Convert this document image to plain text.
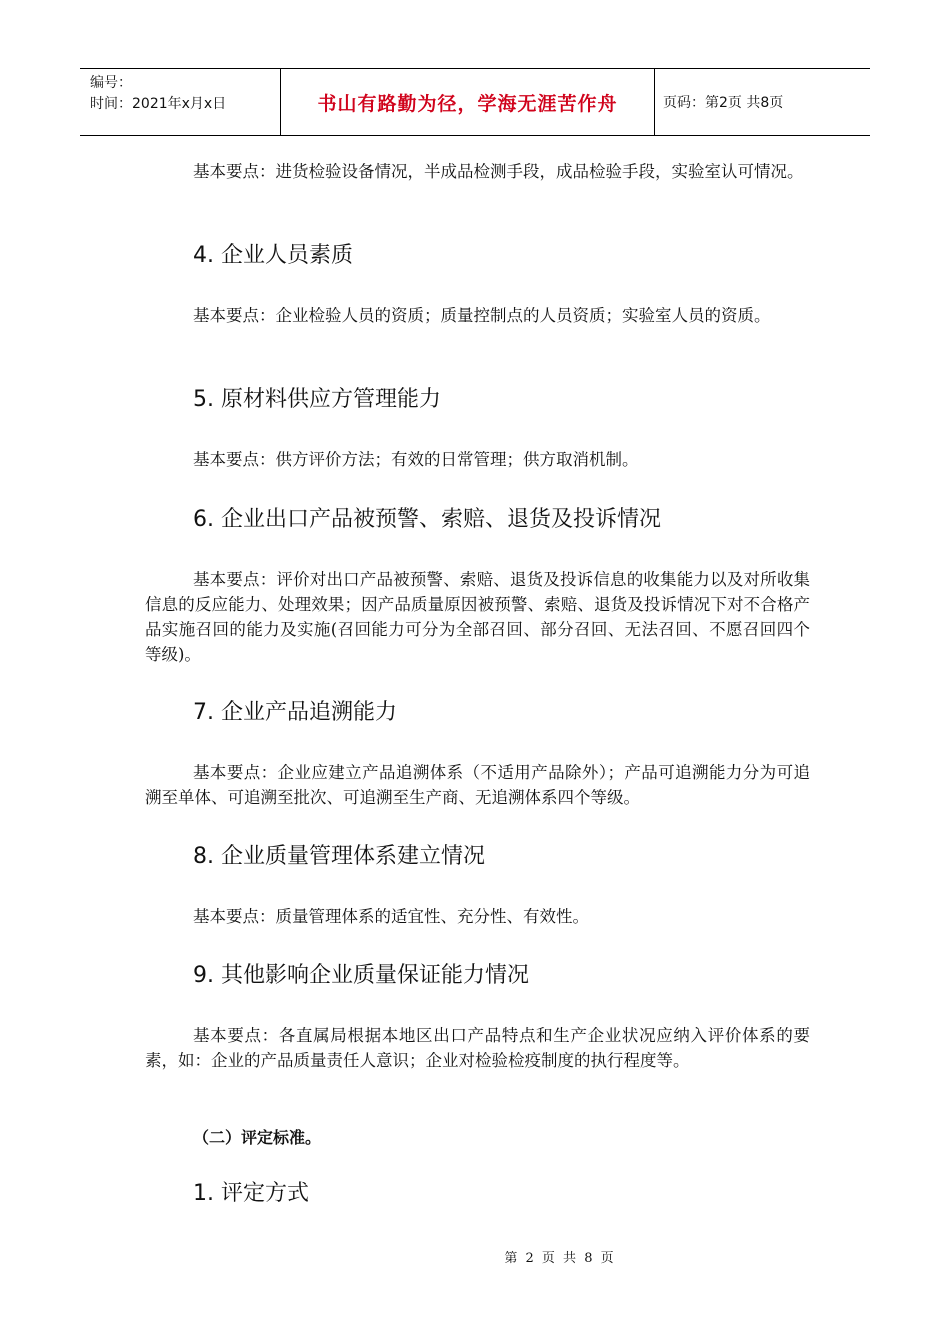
编号：
时间：2021年x月x日	书山有路勤为径，学海无涯苦作舟	页码：第2页 共8页

基本要点：进货检验设备情况，半成品检测手段，成品检验手段，实验室认可情况。

4. 企业人员素质

基本要点：企业检验人员的资质；质量控制点的人员资质；实验室人员的资质。

5. 原材料供应方管理能力

基本要点：供方评价方法；有效的日常管理；供方取消机制。

6. 企业出口产品被预警、索赔、退货及投诉情况

基本要点：评价对出口产品被预警、索赔、退货及投诉信息的收集能力以及对所收集信息的反应能力、处理效果；因产品质量原因被预警、索赔、退货及投诉情况下对不合格产品实施召回的能力及实施(召回能力可分为全部召回、部分召回、无法召回、不愿召回四个等级)。

7. 企业产品追溯能力

基本要点：企业应建立产品追溯体系（不适用产品除外）；产品可追溯能力分为可追溯至单体、可追溯至批次、可追溯至生产商、无追溯体系四个等级。

8. 企业质量管理体系建立情况

基本要点：质量管理体系的适宜性、充分性、有效性。

9. 其他影响企业质量保证能力情况

基本要点：各直属局根据本地区出口产品特点和生产企业状况应纳入评价体系的要素，如：企业的产品质量责任人意识；企业对检验检疫制度的执行程度等。

（二）评定标准。

1. 评定方式
第 2 页 共 8 页
